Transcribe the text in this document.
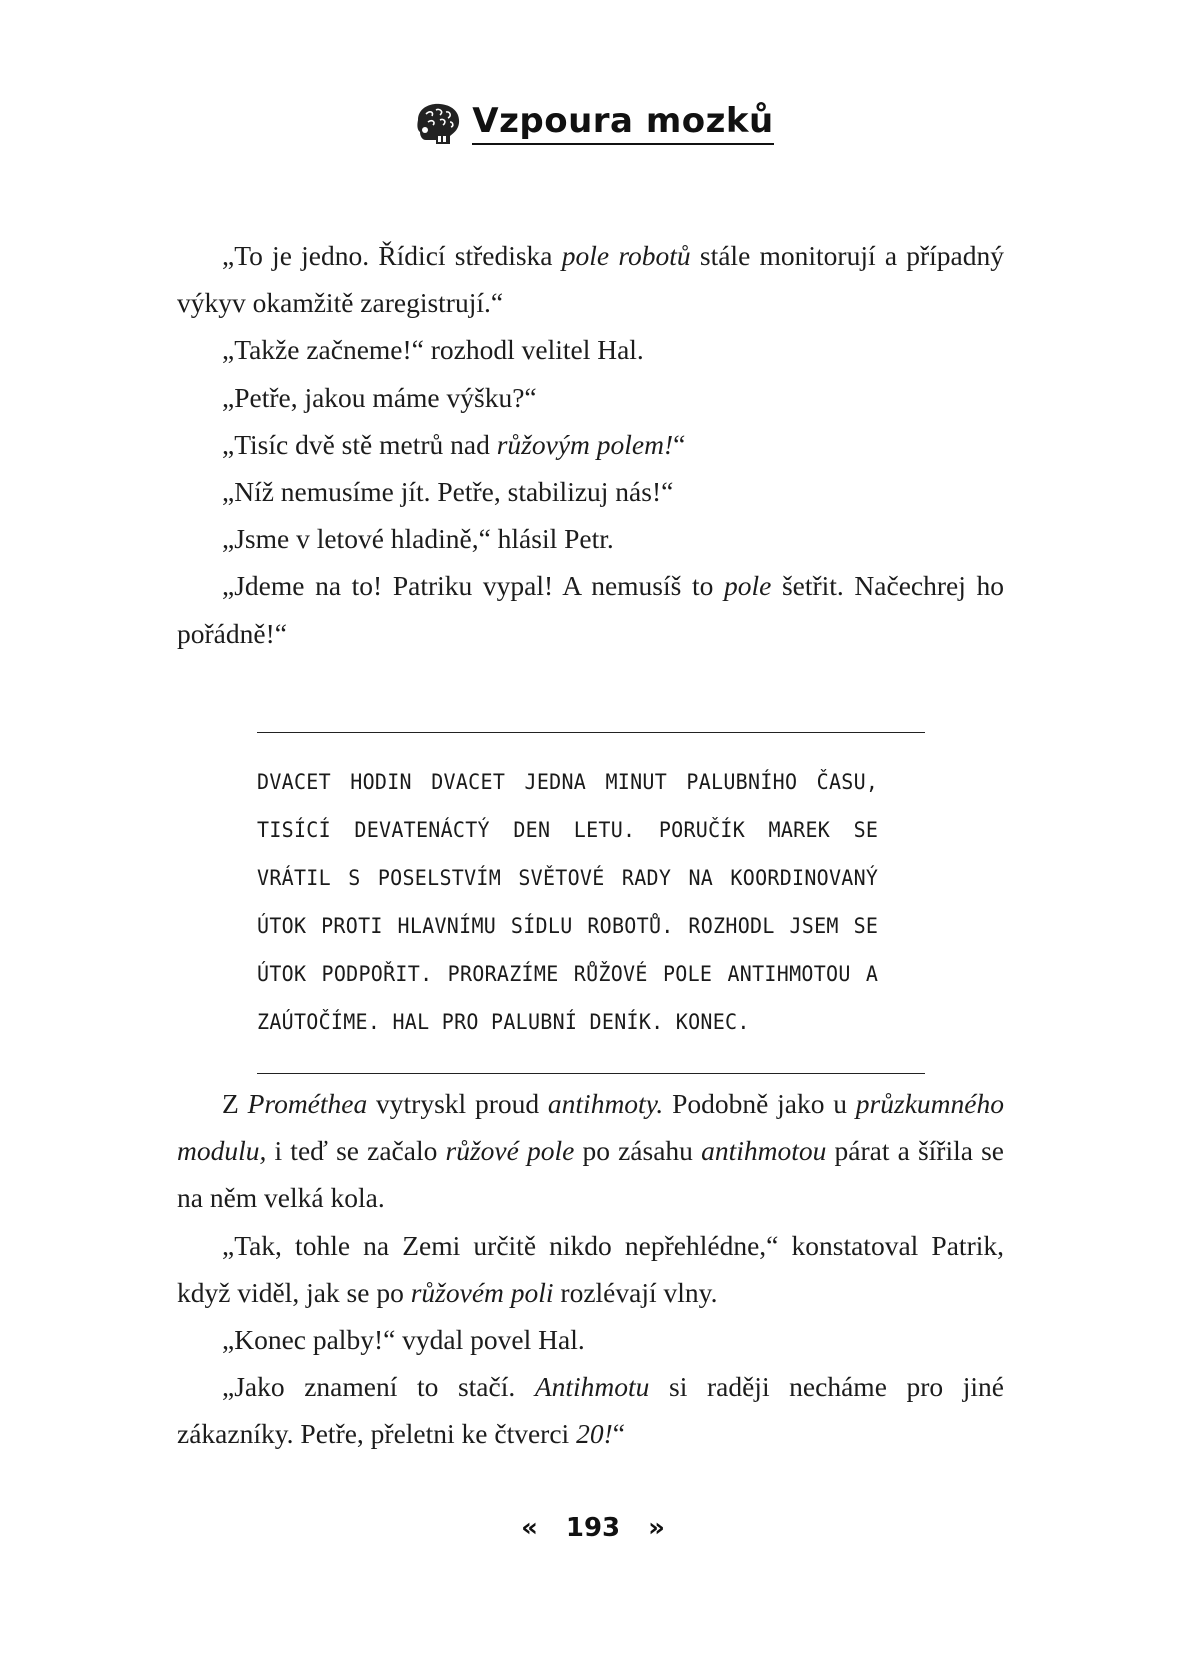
Vzpoura mozků

„To je jedno. Řídicí střediska pole robotů stále monitorují a případný výkyv okamžitě zaregistrují.“

„Takže začneme!“ rozhodl velitel Hal.

„Petře, jakou máme výšku?“

„Tisíc dvě stě metrů nad růžovým polem!“

„Níž nemusíme jít. Petře, stabilizuj nás!“

„Jsme v letové hladině,“ hlásil Petr.

„Jdeme na to! Patriku vypal! A nemusíš to pole šetřit. Načechrej ho pořádně!“

DVACET HODIN DVACET JEDNA MINUT PALUBNÍHO ČASU, TISÍCÍ DEVATENÁCTÝ DEN LETU. PORUČÍK MAREK SE VRÁTIL S POSELSTVÍM SVĚTOVÉ RADY NA KOORDINOVANÝ ÚTOK PROTI HLAVNÍMU SÍDLU ROBOTŮ. ROZHODL JSEM SE ÚTOK PODPOŘIT. PRORAZÍME RŮŽOVÉ POLE ANTIHMOTOU A ZAÚTOČÍME. HAL PRO PALUBNÍ DENÍK. KONEC.

Z Prométhea vytryskl proud antihmoty. Podobně jako u průzkumného modulu, i teď se začalo růžové pole po zásahu antihmotou párat a šířila se na něm velká kola.

„Tak, tohle na Zemi určitě nikdo nepřehlédne,“ konstatoval Patrik, když viděl, jak se po růžovém poli rozlévají vlny.

„Konec palby!“ vydal povel Hal.

„Jako znamení to stačí. Antihmotu si raději necháme pro jiné zákazníky. Petře, přeletni ke čtverci 20!“

« 193 »
